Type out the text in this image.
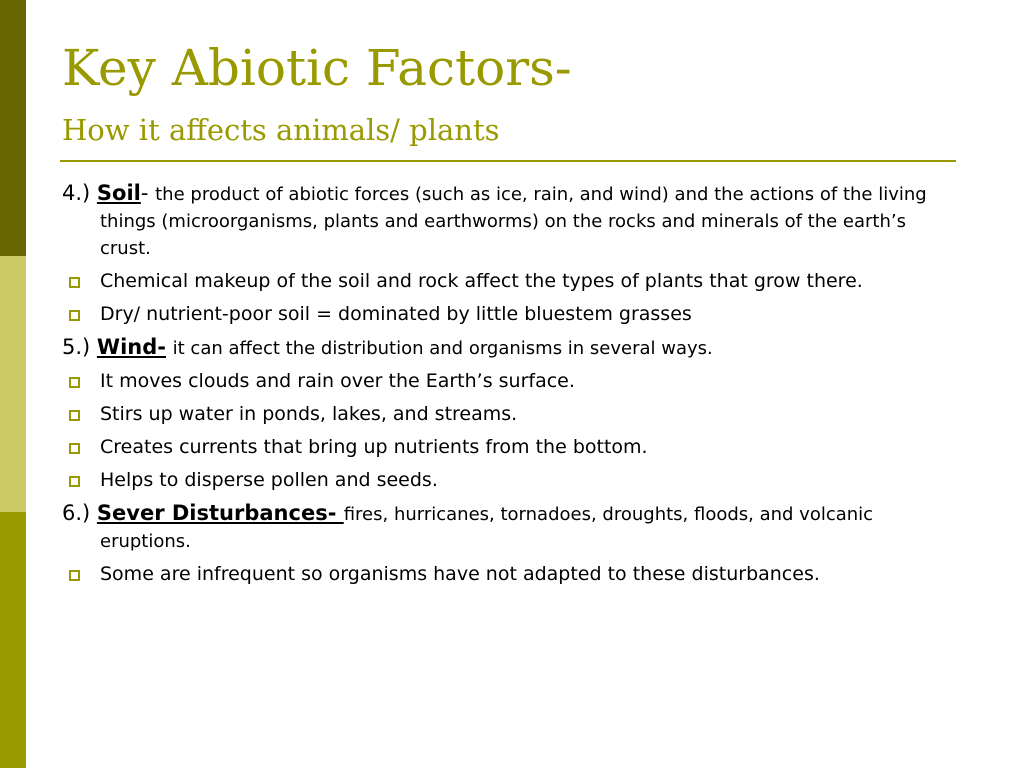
Key Abiotic Factors-
How it affects animals/ plants
4.) Soil- the product of abiotic forces (such as ice, rain, and wind) and the actions of the living things (microorganisms, plants and earthworms) on the rocks and minerals of the earth’s crust.
Chemical makeup of the soil and rock affect the types of plants that grow there.
Dry/ nutrient-poor soil = dominated by little bluestem grasses
5.) Wind- it can affect the distribution and organisms in several ways.
It moves clouds and rain over the Earth’s surface.
Stirs up water in ponds, lakes, and streams.
Creates currents that bring up nutrients from the bottom.
Helps to disperse pollen and seeds.
6.) Sever Disturbances- fires, hurricanes, tornadoes, droughts, floods, and volcanic eruptions.
Some are infrequent so organisms have not adapted to these disturbances.
